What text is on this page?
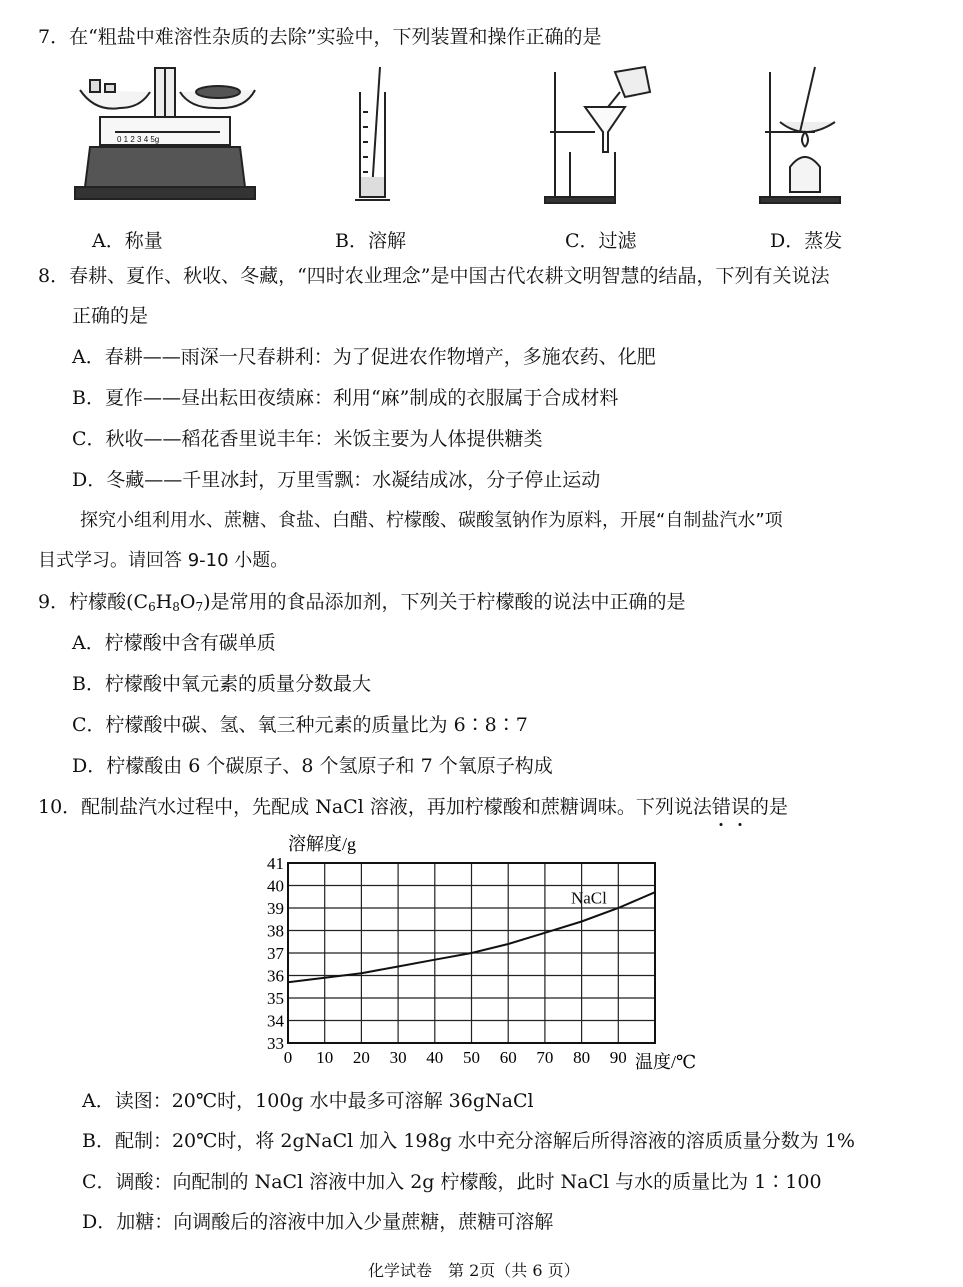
7．在“粗盐中难溶性杂质的去除”实验中，下列装置和操作正确的是
0 1 2 3 4 5g
A．称量	B．溶解	C．过滤	D．蒸发
8．春耕、夏作、秋收、冬藏，“四时农业理念”是中国古代农耕文明智慧的结晶，下列有关说法
正确的是
A．春耕——雨深一尺春耕利：为了促进农作物增产，多施农药、化肥
B．夏作——昼出耘田夜绩麻：利用“麻”制成的衣服属于合成材料
C．秋收——稻花香里说丰年：米饭主要为人体提供糖类
D．冬藏——千里冰封，万里雪飘：水凝结成冰，分子停止运动
探究小组利用水、蔗糖、食盐、白醋、柠檬酸、碳酸氢钠作为原料，开展“自制盐汽水”项
目式学习。请回答 9-10 小题。
9．柠檬酸$(C_6H_8O_7)$是常用的食品添加剂，下列关于柠檬酸的说法中正确的是
A．柠檬酸中含有碳单质
B．柠檬酸中氧元素的质量分数最大
C．柠檬酸中碳、氢、氧三种元素的质量比为 6∶8∶7
D．柠檬酸由 6 个碳原子、8 个氢原子和 7 个氧原子构成
10．配制盐汽水过程中，先配成 NaCl 溶液，再加柠檬酸和蔗糖调味。下列说法错
误
的是
0 10 20 30 40 50 60 70 80 90
33
34
35
36
37
38
39
40
41
NaCl
溶解度/g
温度/℃
A．读图：20℃时，100g 水中最多可溶解 36gNaCl
B．配制：20℃时，将 2gNaCl 加入 198g 水中充分溶解后所得溶液的溶质质量分数为 1%
C．调酸：向配制的 NaCl 溶液中加入 2g 柠檬酸，此时 NaCl 与水的质量比为 1∶100
D．加糖：向调酸后的溶液中加入少量蔗糖，蔗糖可溶解
化学试卷　第 2页（共 6 页）
